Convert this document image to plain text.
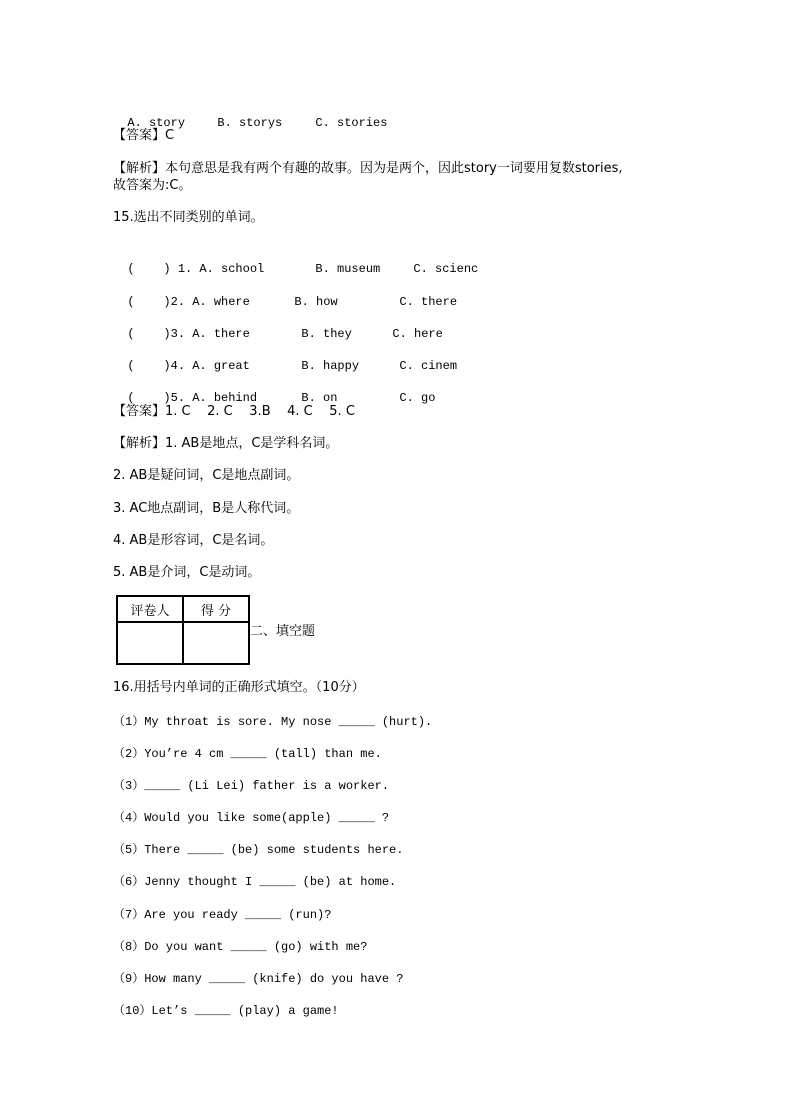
A. story	B. storys	C. stories

【答案】C
【解析】本句意思是我有两个有趣的故事。因为是两个，因此story一词要用复数stories,
故答案为:C。
15.选出不同类别的单词。

(    ) 1. A. school	B. museum	C. scienc

(    )2. A. where	B. how	C. there

(    )3. A. there	B. they	C. here

(    )4. A. great	B. happy	C. cinem

(    )5. A. behind	B. on	C. go

【答案】1. C    2. C    3.B    4. C    5. C
【解析】1. AB是地点，C是学科名词。
2. AB是疑问词，C是地点副词。
3. AC地点副词，B是人称代词。
4. AB是形容词，C是名词。
5. AB是介词，C是动词。
评卷人	得 分

二、填空题
16.用括号内单词的正确形式填空。（10分）
（1）My throat is sore. My nose _____ (hurt).
（2）You’re 4 cm _____ (tall) than me.
（3）_____ (Li Lei) father is a worker.
（4）Would you like some(apple) _____ ?
（5）There _____ (be) some students here.
（6）Jenny thought I _____ (be) at home.
（7）Are you ready _____ (run)?
（8）Do you want _____ (go) with me?
（9）How many _____ (knife) do you have ?
（10）Let’s _____ (play) a game!
